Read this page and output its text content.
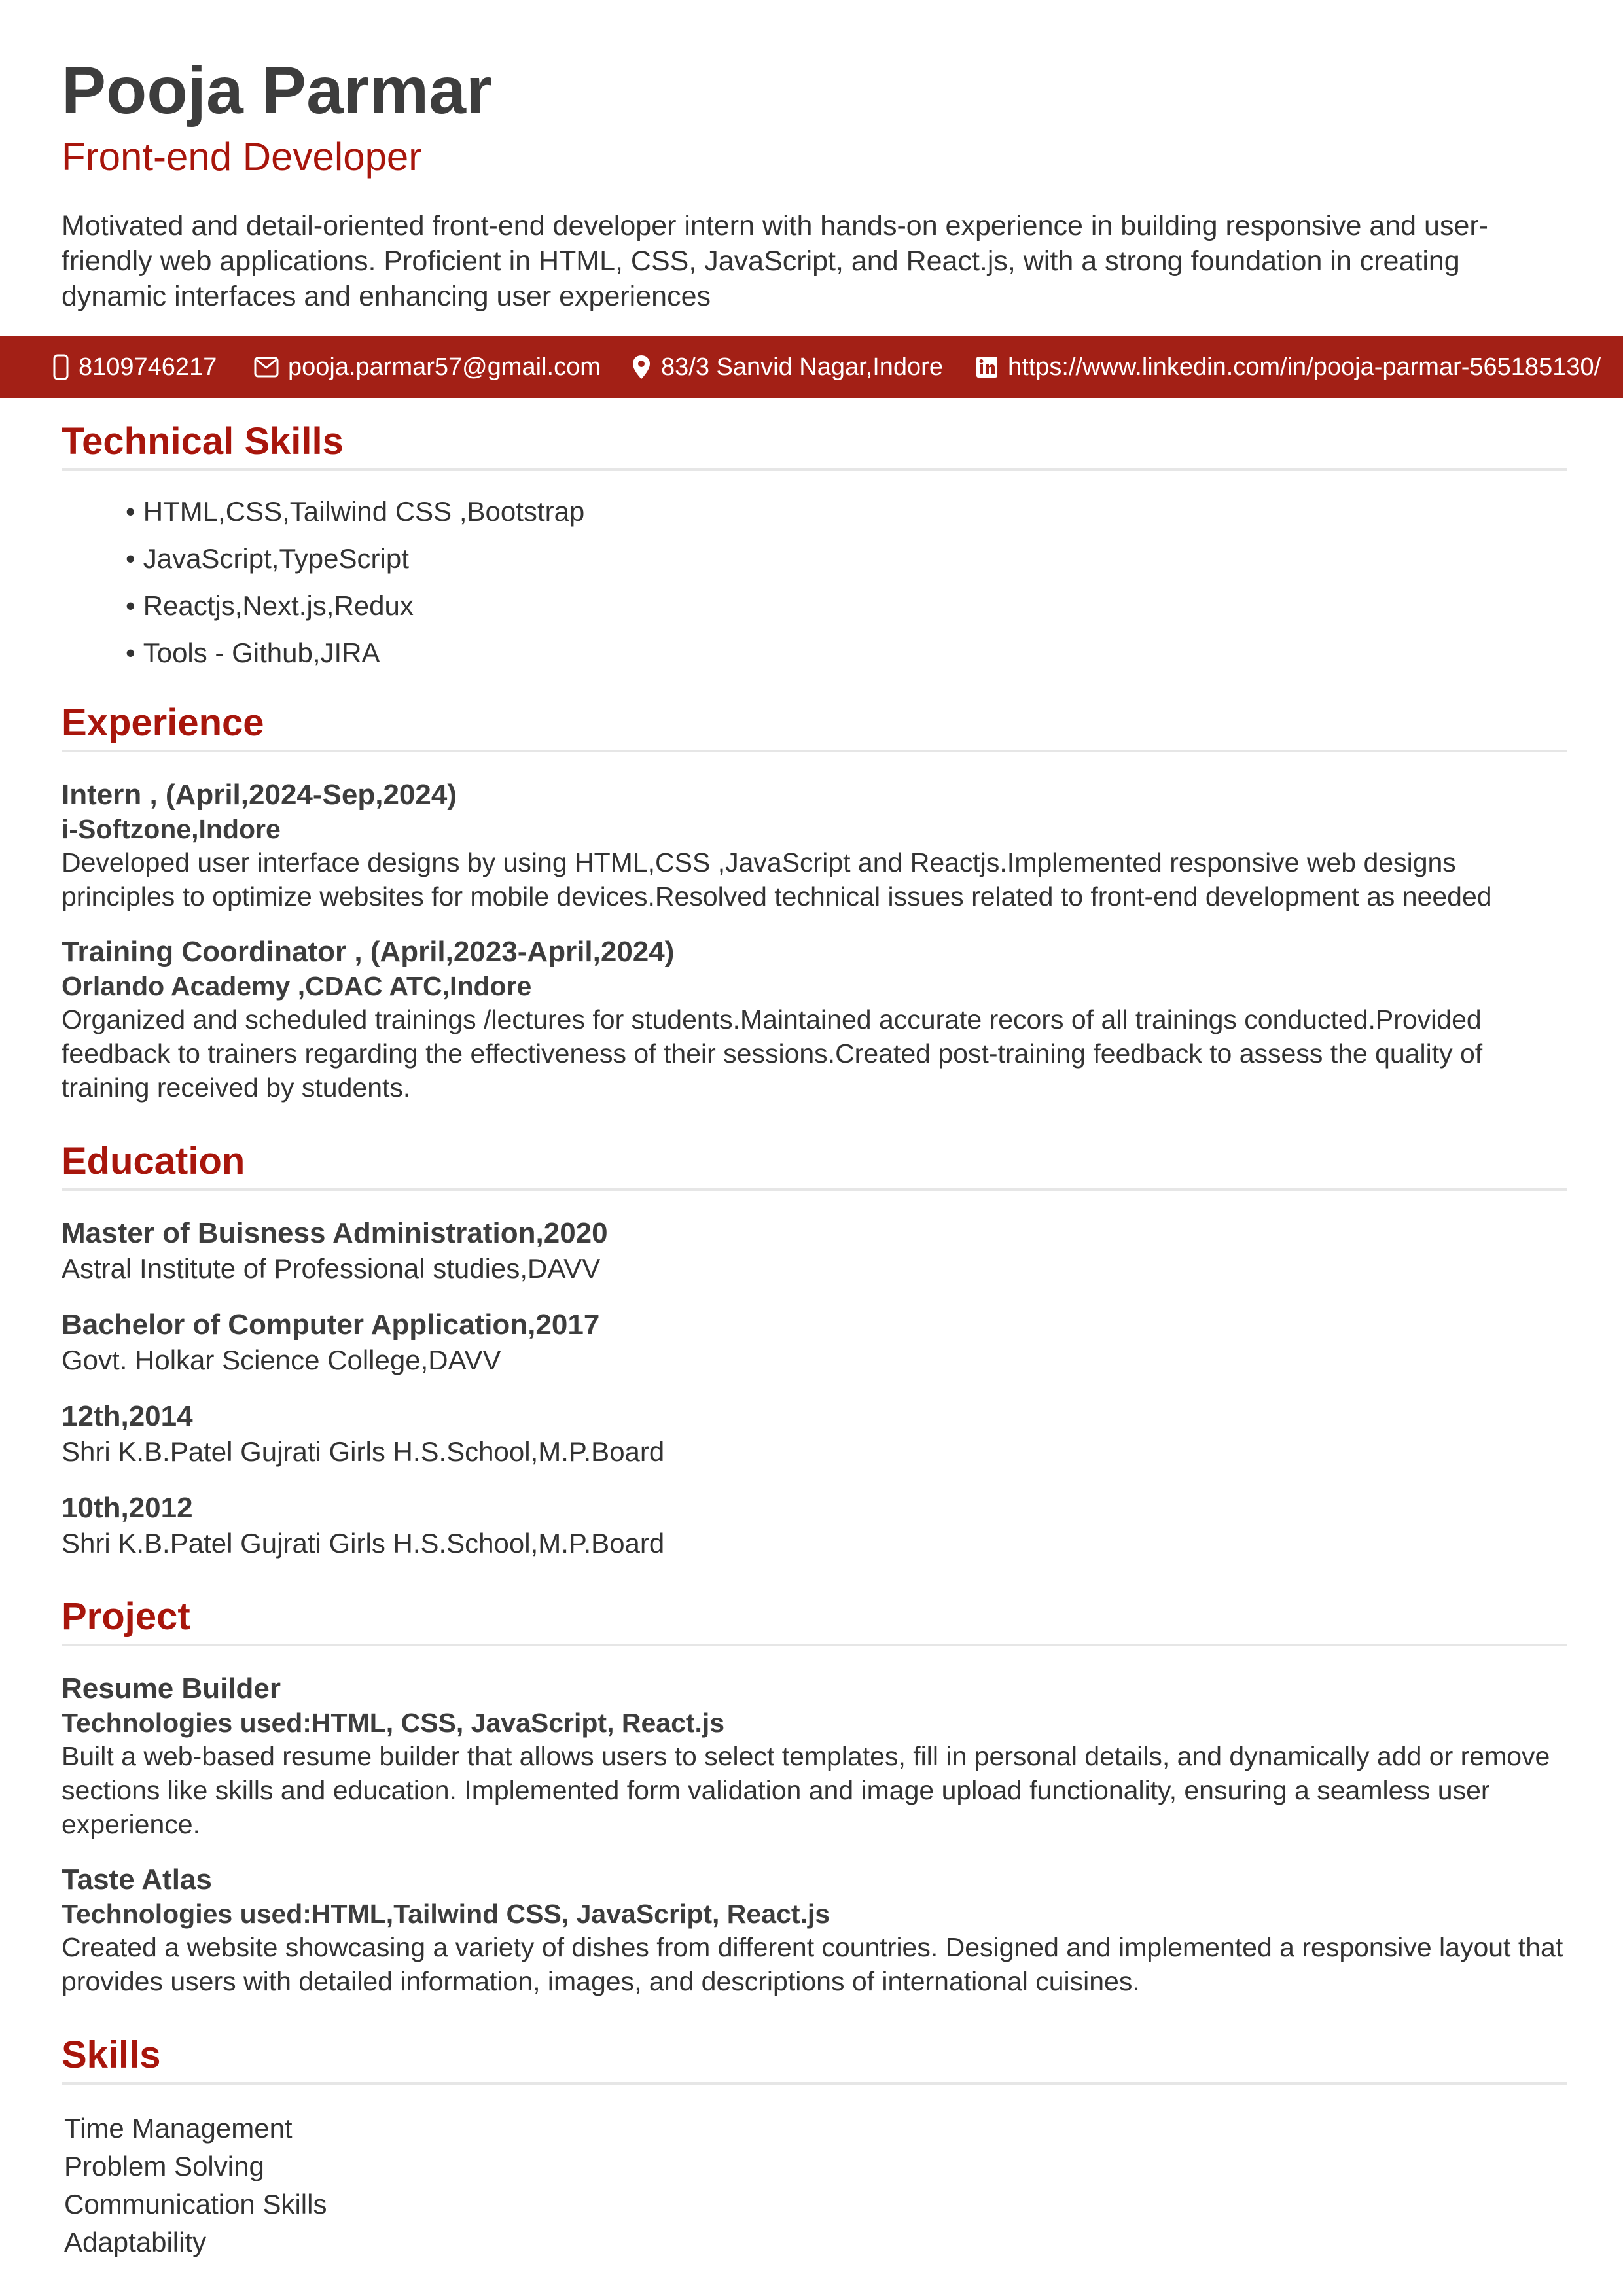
Pooja Parmar
Front-end Developer
Motivated and detail-oriented front-end developer intern with hands-on experience in building responsive and user-friendly web applications. Proficient in HTML, CSS, JavaScript, and React.js, with a strong foundation in creating dynamic interfaces and enhancing user experiences
8109746217	pooja.parmar57@gmail.com 83/3 Sanvid Nagar,Indore	https://www.linkedin.com/in/pooja-parmar-565185130/
Technical Skills
• HTML,CSS,Tailwind CSS ,Bootstrap
• JavaScript,TypeScript
• Reactjs,Next.js,Redux
• Tools - Github,JIRA
Experience
Intern , (April,2024-Sep,2024)
i-Softzone,Indore
Developed user interface designs by using HTML,CSS ,JavaScript and Reactjs.Implemented responsive web designs principles to optimize websites for mobile devices.Resolved technical issues related to front-end development as needed
Training Coordinator , (April,2023-April,2024)
Orlando Academy ,CDAC ATC,Indore
Organized and scheduled trainings /lectures for students.Maintained accurate recors of all trainings conducted.Provided feedback to trainers regarding the effectiveness of their sessions.Created post-training feedback to assess the quality of training received by students.
Education
Master of Buisness Administration,2020
Astral Institute of Professional studies,DAVV
Bachelor of Computer Application,2017
Govt. Holkar Science College,DAVV
12th,2014
Shri K.B.Patel Gujrati Girls H.S.School,M.P.Board
10th,2012
Shri K.B.Patel Gujrati Girls H.S.School,M.P.Board
Project
Resume Builder
Technologies used:HTML, CSS, JavaScript, React.js
Built a web-based resume builder that allows users to select templates, fill in personal details, and dynamically add or remove sections like skills and education. Implemented form validation and image upload functionality, ensuring a seamless user experience.
Taste Atlas
Technologies used:HTML,Tailwind CSS, JavaScript, React.js
Created a website showcasing a variety of dishes from different countries. Designed and implemented a responsive layout that provides users with detailed information, images, and descriptions of international cuisines.
Skills
Time Management
Problem Solving
Communication Skills
Adaptability
